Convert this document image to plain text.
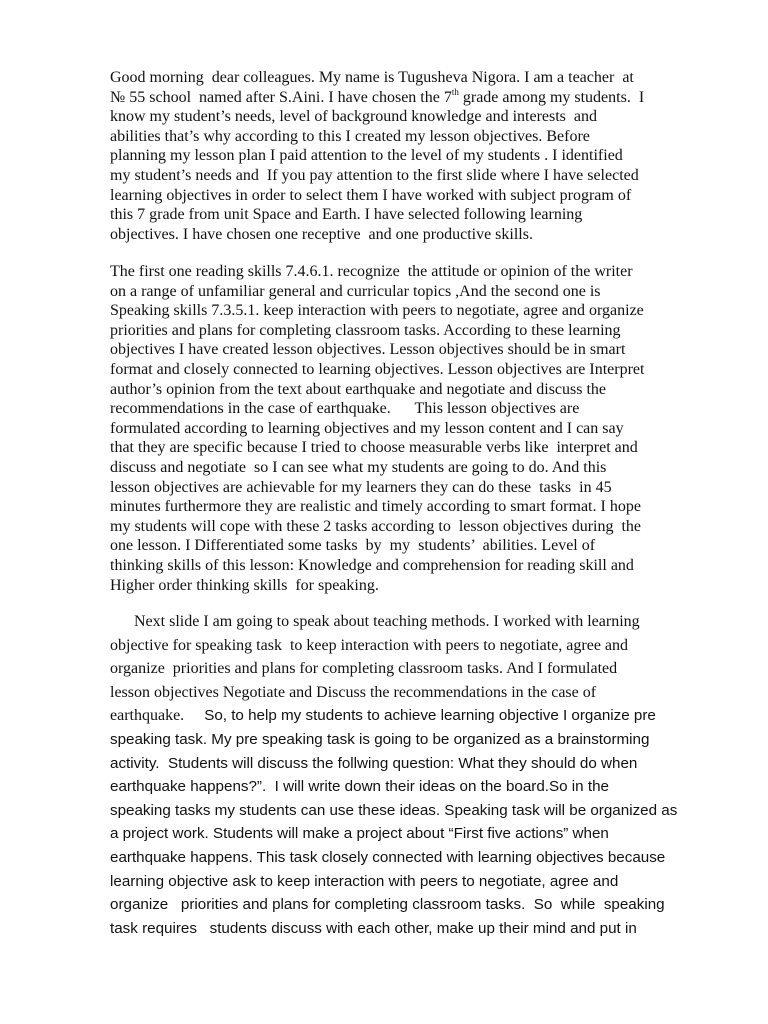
Good morning  dear colleagues. My name is Tugusheva Nigora. I am a teacher  at
№ 55 school  named after S.Aini. I have chosen the 7th grade among my students.  I
know my student’s needs, level of background knowledge and interests  and
abilities that’s why according to this I created my lesson objectives. Before
planning my lesson plan I paid attention to the level of my students . I identified
my student’s needs and  If you pay attention to the first slide where I have selected
learning objectives in order to select them I have worked with subject program of
this 7 grade from unit Space and Earth. I have selected following learning
objectives. I have chosen one receptive  and one productive skills.
The first one reading skills 7.4.6.1. recognize  the attitude or opinion of the writer
on a range of unfamiliar general and curricular topics ,And the second one is
Speaking skills 7.3.5.1. keep interaction with peers to negotiate, agree and organize
priorities and plans for completing classroom tasks. According to these learning
objectives I have created lesson objectives. Lesson objectives should be in smart
format and closely connected to learning objectives. Lesson objectives are Interpret
author’s opinion from the text about earthquake and negotiate and discuss the
recommendations in the case of earthquake.      This lesson objectives are
formulated according to learning objectives and my lesson content and I can say
that they are specific because I tried to choose measurable verbs like  interpret and
discuss and negotiate  so I can see what my students are going to do. And this
lesson objectives are achievable for my learners they can do these  tasks  in 45
minutes furthermore they are realistic and timely according to smart format. I hope
my students will cope with these 2 tasks according to  lesson objectives during  the
one lesson. I Differentiated some tasks  by  my  students’  abilities. Level of
thinking skills of this lesson: Knowledge and comprehension for reading skill and
Higher order thinking skills  for speaking.
Next slide I am going to speak about teaching methods. I worked with learning
objective for speaking task  to keep interaction with peers to negotiate, agree and
organize  priorities and plans for completing classroom tasks. And I formulated
lesson objectives Negotiate and Discuss the recommendations in the case of
earthquake.     So, to help my students to achieve learning objective I organize pre
speaking task. My pre speaking task is going to be organized as a brainstorming
activity.  Students will discuss the follwing question: What they should do when
earthquake happens?”.  I will write down their ideas on the board.So in the
speaking tasks my students can use these ideas. Speaking task will be organized as
a project work. Students will make a project about “First five actions” when
earthquake happens. This task closely connected with learning objectives because
learning objective ask to keep interaction with peers to negotiate, agree and
organize   priorities and plans for completing classroom tasks.  So  while  speaking
task requires   students discuss with each other, make up their mind and put in
